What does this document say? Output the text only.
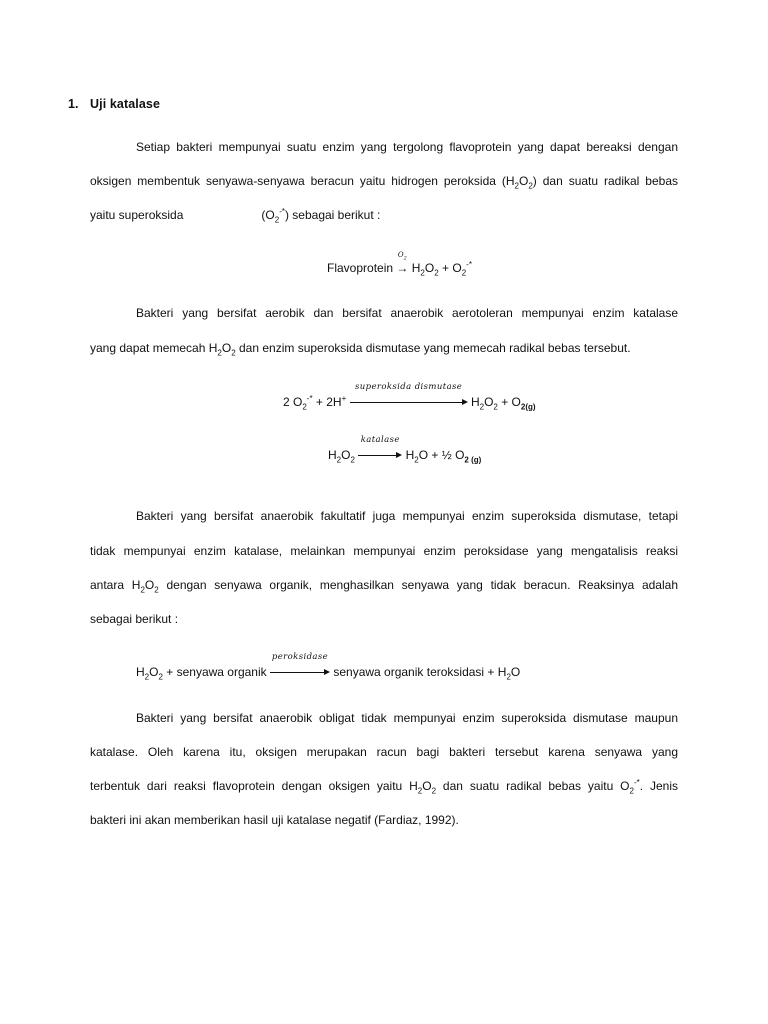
1. Uji katalase
Setiap bakteri mempunyai suatu enzim yang tergolong flavoprotein yang dapat bereaksi dengan
oksigen membentuk senyawa-senyawa beracun yaitu hidrogen peroksida $(H_2O_2)$ dan suatu radikal bebas
yaitu superoksida	$(O_2^{-*})$ sebagai berikut :
Flavoprotein
$O_2$
→ $H_2O_2 + O_2^{-*}$
Bakteri yang bersifat aerobik dan bersifat anaerobik aerotoleran mempunyai enzim katalase
yang dapat memecah $H_2O_2$ dan enzim superoksida dismutase yang memecah radikal bebas tersebut.
2 $O_2^{-*} + 2H^+$
superoksida dismutase
$H_2O_2 + O_{2(g)}$
$H_2O_2$
katalase
$H_2O$ + ½ $O_{2 (g)}$
Bakteri yang bersifat anaerobik fakultatif juga mempunyai enzim superoksida dismutase, tetapi
tidak mempunyai enzim katalase, melainkan mempunyai enzim peroksidase yang mengatalisis reaksi
antara $H_2O_2$ dengan senyawa organik, menghasilkan senyawa yang tidak beracun. Reaksinya adalah
sebagai berikut :
$H_2O_2$ + senyawa organik
peroksidase
senyawa organik teroksidasi + $H_2O$
Bakteri yang bersifat anaerobik obligat tidak mempunyai enzim superoksida dismutase maupun
katalase. Oleh karena itu, oksigen merupakan racun bagi bakteri tersebut karena senyawa yang
terbentuk dari reaksi flavoprotein dengan oksigen yaitu $H_2O_2$ dan suatu radikal bebas yaitu $O_2^{-*}$. Jenis
bakteri ini akan memberikan hasil uji katalase negatif (Fardiaz, 1992).
